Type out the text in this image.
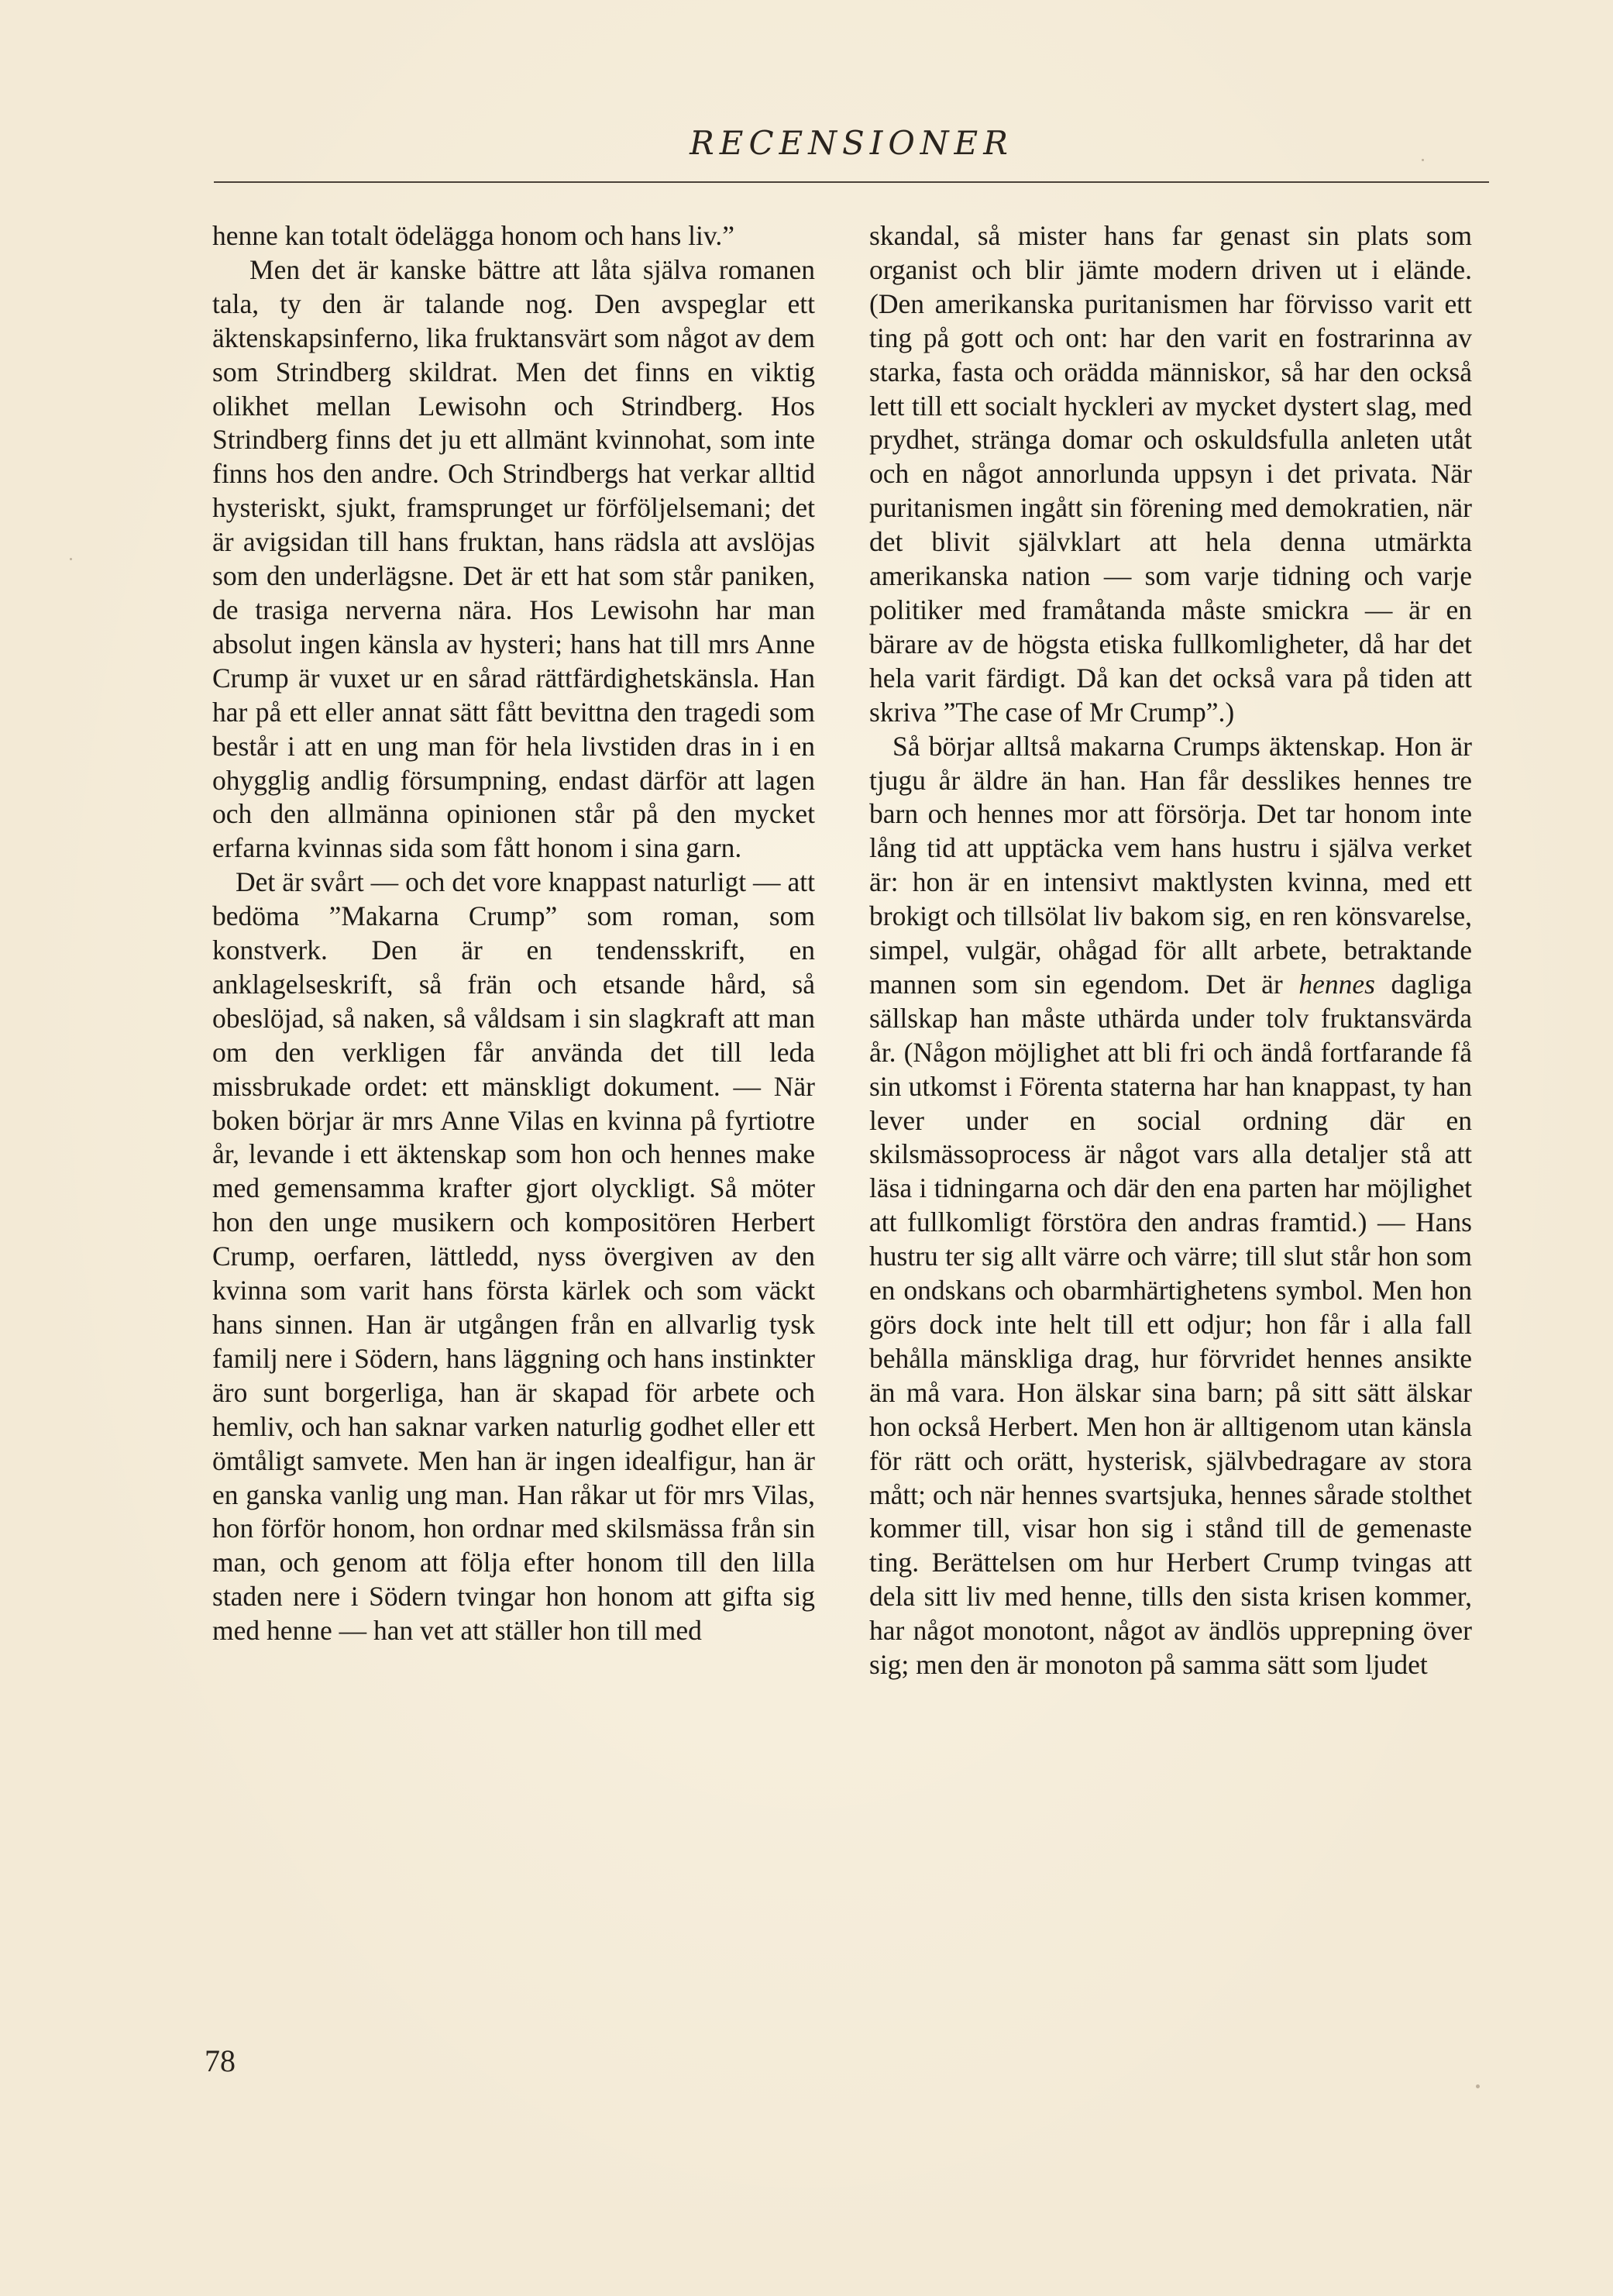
RECENSIONER

henne kan totalt ödelägga honom och hans liv.”

Men det är kanske bättre att låta själva romanen tala, ty den är talande nog. Den avspeglar ett äktenskapsinferno, lika fruktansvärt som något av dem som Strindberg skildrat. Men det finns en viktig olikhet mellan Lewisohn och Strindberg. Hos Strindberg finns det ju ett allmänt kvinnohat, som inte finns hos den andre. Och Strindbergs hat verkar alltid hysteriskt, sjukt, framsprunget ur förföljelsemani; det är avigsidan till hans fruktan, hans rädsla att avslöjas som den underlägsne. Det är ett hat som står paniken, de trasiga nerverna nära. Hos Lewisohn har man absolut ingen känsla av hysteri; hans hat till mrs Anne Crump är vuxet ur en sårad rättfärdighetskänsla. Han har på ett eller annat sätt fått bevittna den tragedi som består i att en ung man för hela livstiden dras in i en ohygglig andlig försumpning, endast därför att lagen och den allmänna opinionen står på den mycket erfarna kvinnas sida som fått honom i sina garn.

Det är svårt — och det vore knappast naturligt — att bedöma ”Makarna Crump” som roman, som konstverk. Den är en tendensskrift, en anklagelseskrift, så frän och etsande hård, så obeslöjad, så naken, så våldsam i sin slagkraft att man om den verkligen får använda det till leda missbrukade ordet: ett mänskligt dokument. — När boken börjar är mrs Anne Vilas en kvinna på fyrtiotre år, levande i ett äktenskap som hon och hennes make med gemensamma krafter gjort olyckligt. Så möter hon den unge musikern och kompositören Herbert Crump, oerfaren, lättledd, nyss övergiven av den kvinna som varit hans första kärlek och som väckt hans sinnen. Han är utgången från en allvarlig tysk familj nere i Södern, hans läggning och hans instinkter äro sunt borgerliga, han är skapad för arbete och hemliv, och han saknar varken naturlig godhet eller ett ömtåligt samvete. Men han är ingen idealfigur, han är en ganska vanlig ung man. Han råkar ut för mrs Vilas, hon förför honom, hon ordnar med skilsmässa från sin man, och genom att följa efter honom till den lilla staden nere i Södern tvingar hon honom att gifta sig med henne — han vet att ställer hon till med

skandal, så mister hans far genast sin plats som organist och blir jämte modern driven ut i elände. (Den amerikanska puritanismen har förvisso varit ett ting på gott och ont: har den varit en fostrarinna av starka, fasta och orädda människor, så har den också lett till ett socialt hyckleri av mycket dystert slag, med prydhet, stränga domar och oskuldsfulla anleten utåt och en något annorlunda uppsyn i det privata. När puritanismen ingått sin förening med demokratien, när det blivit självklart att hela denna utmärkta amerikanska nation — som varje tidning och varje politiker med framåtanda måste smickra — är en bärare av de högsta etiska fullkomligheter, då har det hela varit färdigt. Då kan det också vara på tiden att skriva ”The case of Mr Crump”.)

Så börjar alltså makarna Crumps äktenskap. Hon är tjugu år äldre än han. Han får desslikes hennes tre barn och hennes mor att försörja. Det tar honom inte lång tid att upptäcka vem hans hustru i själva verket är: hon är en intensivt maktlysten kvinna, med ett brokigt och tillsölat liv bakom sig, en ren könsvarelse, simpel, vulgär, ohågad för allt arbete, betraktande mannen som sin egendom. Det är hennes dagliga sällskap han måste uthärda under tolv fruktansvärda år. (Någon möjlighet att bli fri och ändå fortfarande få sin utkomst i Förenta staterna har han knappast, ty han lever under en social ordning där en skilsmässoprocess är något vars alla detaljer stå att läsa i tidningarna och där den ena parten har möjlighet att fullkomligt förstöra den andras framtid.) — Hans hustru ter sig allt värre och värre; till slut står hon som en ondskans och obarmhärtighetens symbol. Men hon görs dock inte helt till ett odjur; hon får i alla fall behålla mänskliga drag, hur förvridet hennes ansikte än må vara. Hon älskar sina barn; på sitt sätt älskar hon också Herbert. Men hon är alltigenom utan känsla för rätt och orätt, hysterisk, självbedragare av stora mått; och när hennes svartsjuka, hennes sårade stolthet kommer till, visar hon sig i stånd till de gemenaste ting. Berättelsen om hur Herbert Crump tvingas att dela sitt liv med henne, tills den sista krisen kommer, har något monotont, något av ändlös upprepning över sig; men den är monoton på samma sätt som ljudet

78
